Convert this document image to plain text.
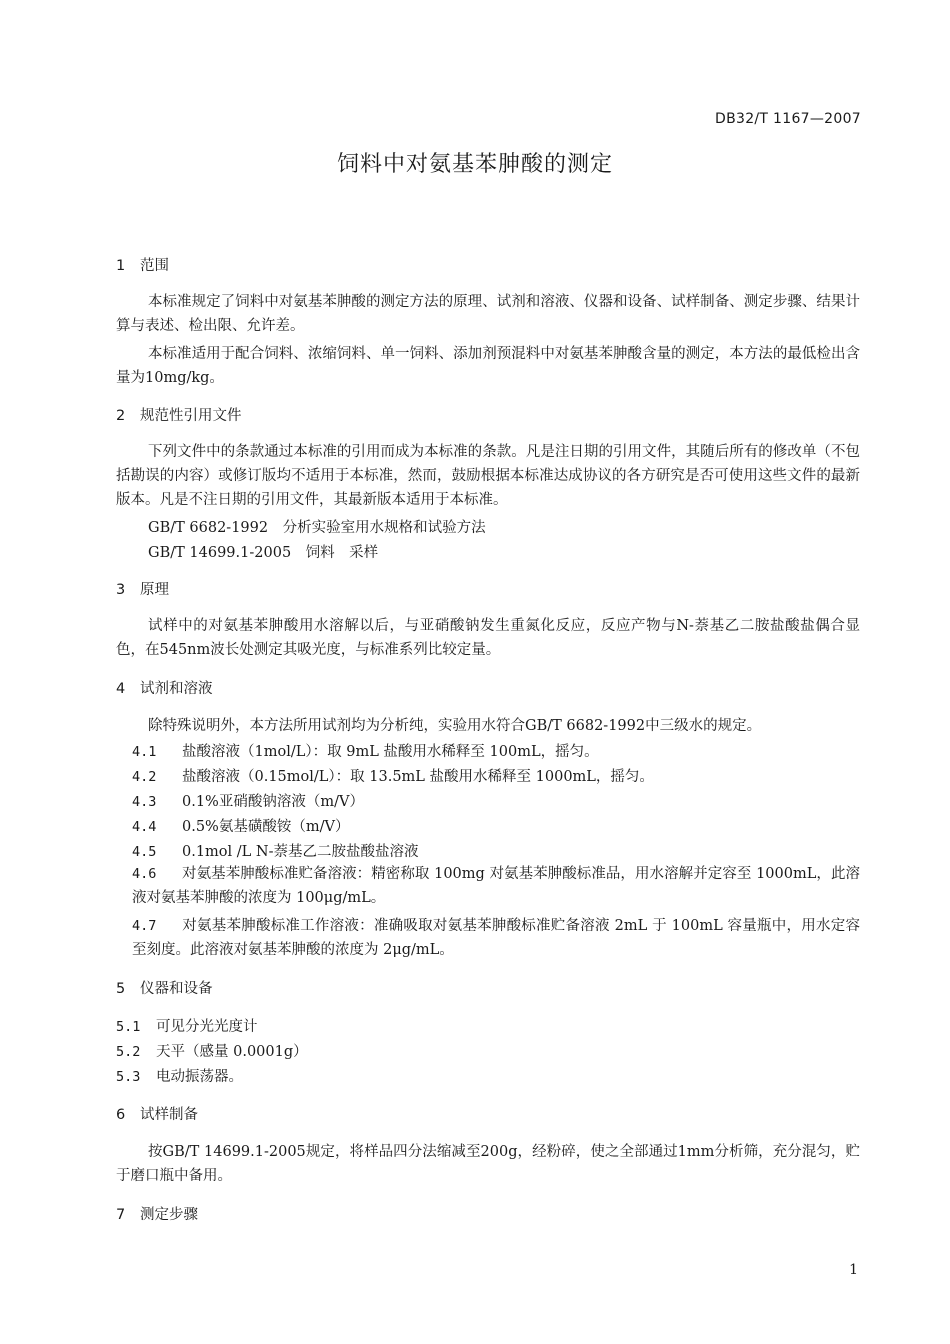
DB32/T 1167—2007
饲料中对氨基苯胂酸的测定
1 范围
本标准规定了饲料中对氨基苯胂酸的测定方法的原理、试剂和溶液、仪器和设备、试样制备、测定步骤、结果计算与表述、检出限、允许差。
本标准适用于配合饲料、浓缩饲料、单一饲料、添加剂预混料中对氨基苯胂酸含量的测定，本方法的最低检出含量为10mg/kg。
2 规范性引用文件
下列文件中的条款通过本标准的引用而成为本标准的条款。凡是注日期的引用文件，其随后所有的修改单（不包括勘误的内容）或修订版均不适用于本标准，然而，鼓励根据本标准达成协议的各方研究是否可使用这些文件的最新版本。凡是不注日期的引用文件，其最新版本适用于本标准。
GB/T 6682-1992　分析实验室用水规格和试验方法
GB/T 14699.1-2005　饲料　采样
3 原理
试样中的对氨基苯胂酸用水溶解以后，与亚硝酸钠发生重氮化反应，反应产物与N-萘基乙二胺盐酸盐偶合显色，在545nm波长处测定其吸光度，与标准系列比较定量。
4 试剂和溶液
除特殊说明外，本方法所用试剂均为分析纯，实验用水符合GB/T 6682-1992中三级水的规定。
4.1 盐酸溶液（1mol/L）：取 9mL 盐酸用水稀释至 100mL，摇匀。
4.2 盐酸溶液（0.15mol/L）：取 13.5mL 盐酸用水稀释至 1000mL，摇匀。
4.3 0.1%亚硝酸钠溶液（m/V）
4.4 0.5%氨基磺酸铵（m/V）
4.5 0.1mol /L N-萘基乙二胺盐酸盐溶液
4.6 对氨基苯胂酸标准贮备溶液：精密称取 100mg 对氨基苯胂酸标准品，用水溶解并定容至 1000mL，此溶液对氨基苯胂酸的浓度为 100μg/mL。
4.7 对氨基苯胂酸标准工作溶液：准确吸取对氨基苯胂酸标准贮备溶液 2mL 于 100mL 容量瓶中，用水定容至刻度。此溶液对氨基苯胂酸的浓度为 2μg/mL。
5 仪器和设备
5.1 可见分光光度计
5.2 天平（感量 0.0001g）
5.3 电动振荡器。
6 试样制备
按GB/T 14699.1-2005规定，将样品四分法缩减至200g，经粉碎，使之全部通过1mm分析筛，充分混匀，贮于磨口瓶中备用。
7 测定步骤
1
